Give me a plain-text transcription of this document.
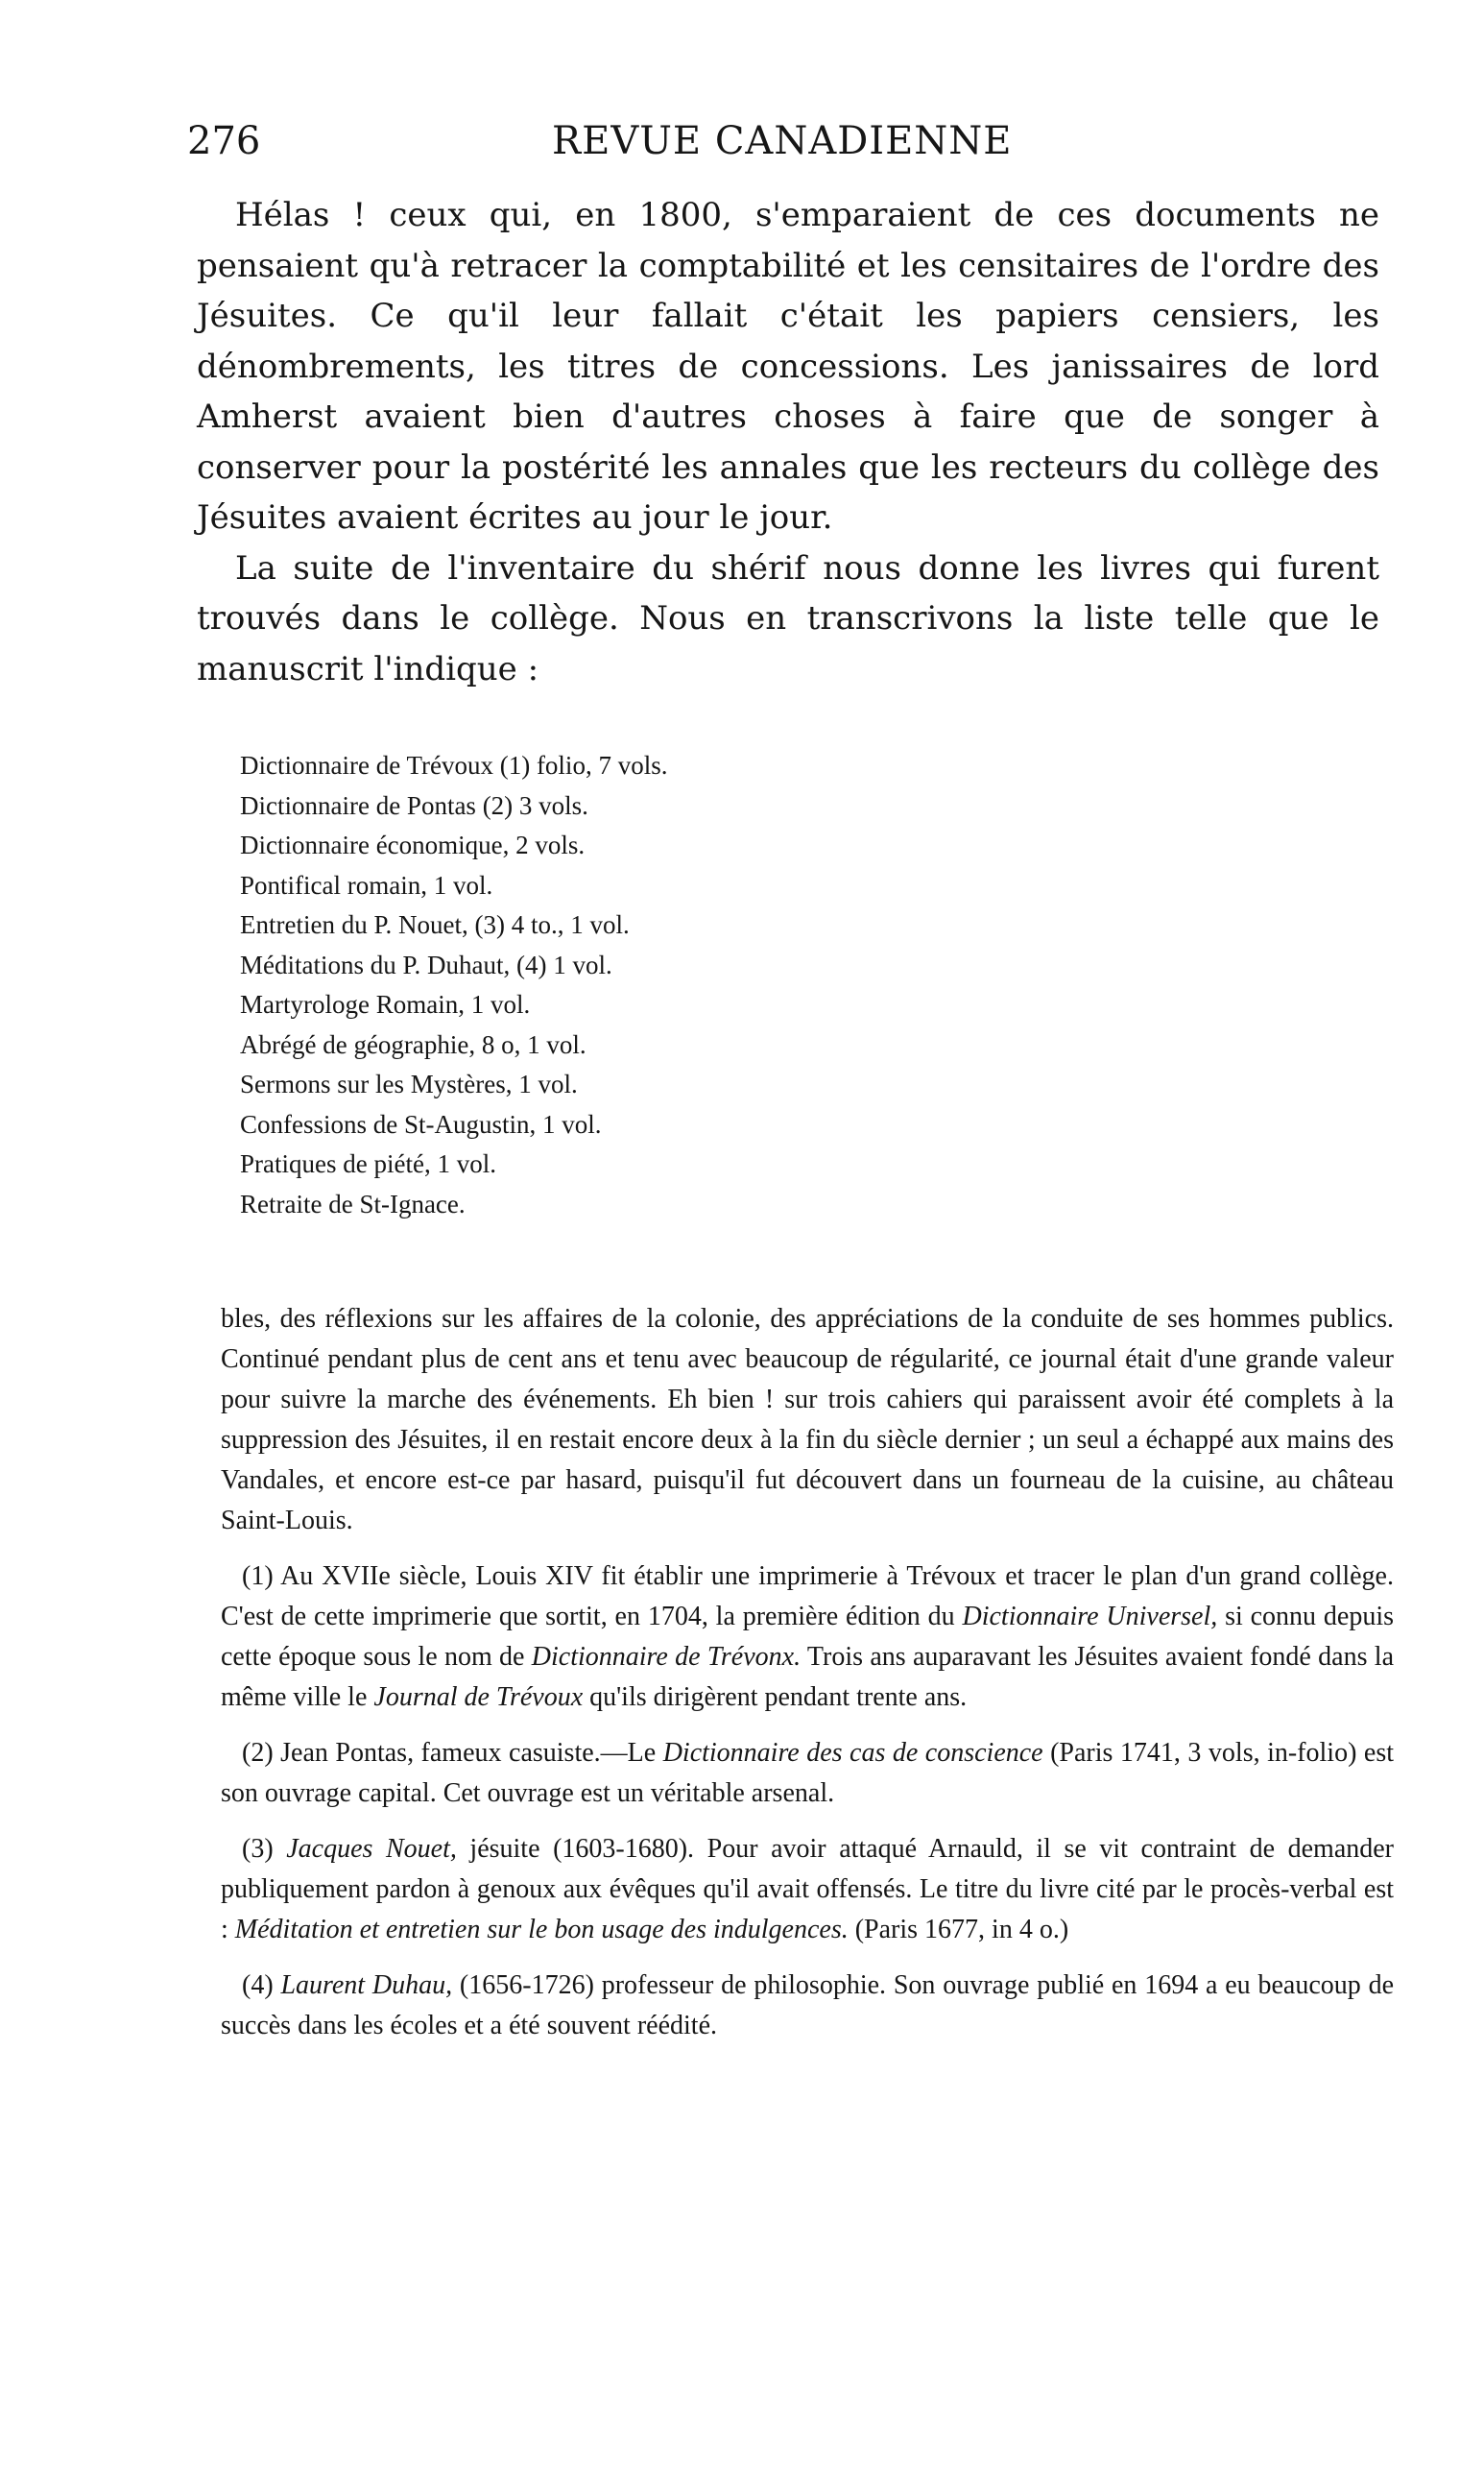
276	REVUE CANADIENNE

Hélas ! ceux qui, en 1800, s'emparaient de ces documents ne pensaient qu'à retracer la comptabilité et les censitaires de l'ordre des Jésuites. Ce qu'il leur fallait c'était les papiers censiers, les dénombrements, les titres de concessions. Les janissaires de lord Amherst avaient bien d'autres choses à faire que de songer à conserver pour la postérité les annales que les recteurs du collège des Jésuites avaient écrites au jour le jour.

La suite de l'inventaire du shérif nous donne les livres qui furent trouvés dans le collège. Nous en transcrivons la liste telle que le manuscrit l'indique :

Dictionnaire de Trévoux (1) folio, 7 vols.
Dictionnaire de Pontas (2) 3 vols.
Dictionnaire économique, 2 vols.
Pontifical romain, 1 vol.
Entretien du P. Nouet, (3) 4 to., 1 vol.
Méditations du P. Duhaut, (4) 1 vol.
Martyrologe Romain, 1 vol.
Abrégé de géographie, 8 o, 1 vol.
Sermons sur les Mystères, 1 vol.
Confessions de St-Augustin, 1 vol.
Pratiques de piété, 1 vol.
Retraite de St-Ignace.

bles, des réflexions sur les affaires de la colonie, des appréciations de la conduite de ses hommes publics. Continué pendant plus de cent ans et tenu avec beaucoup de régularité, ce journal était d'une grande valeur pour suivre la marche des événements. Eh bien ! sur trois cahiers qui paraissent avoir été complets à la suppression des Jésuites, il en restait encore deux à la fin du siècle dernier ; un seul a échappé aux mains des Vandales, et encore est-ce par hasard, puisqu'il fut découvert dans un fourneau de la cuisine, au château Saint-Louis.

(1) Au XVIIe siècle, Louis XIV fit établir une imprimerie à Trévoux et tracer le plan d'un grand collège. C'est de cette imprimerie que sortit, en 1704, la première édition du Dictionnaire Universel, si connu depuis cette époque sous le nom de Dictionnaire de Trévonx. Trois ans auparavant les Jésuites avaient fondé dans la même ville le Journal de Trévoux qu'ils dirigèrent pendant trente ans.

(2) Jean Pontas, fameux casuiste.—Le Dictionnaire des cas de conscience (Paris 1741, 3 vols, in-folio) est son ouvrage capital. Cet ouvrage est un véritable arsenal.

(3) Jacques Nouet, jésuite (1603-1680). Pour avoir attaqué Arnauld, il se vit contraint de demander publiquement pardon à genoux aux évêques qu'il avait offensés. Le titre du livre cité par le procès-verbal est : Méditation et entretien sur le bon usage des indulgences. (Paris 1677, in 4 o.)

(4) Laurent Duhau, (1656-1726) professeur de philosophie. Son ouvrage publié en 1694 a eu beaucoup de succès dans les écoles et a été souvent réédité.
